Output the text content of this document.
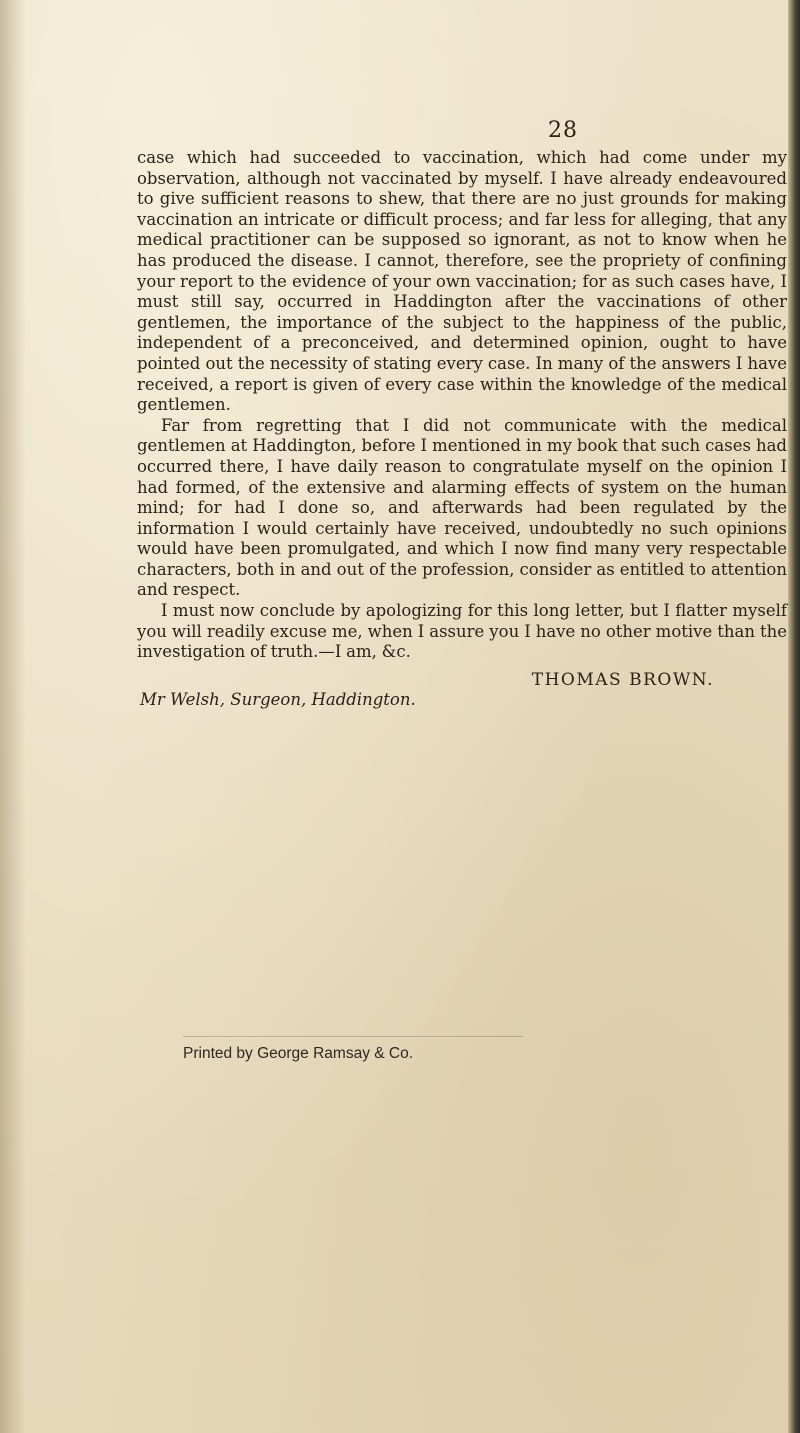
28

case which had succeeded to vaccination, which had come under my observation, although not vaccinated by myself. I have already endeavoured to give sufficient reasons to shew, that there are no just grounds for making vaccination an intricate or difficult process; and far less for alleging, that any medical practitioner can be supposed so ignorant, as not to know when he has produced the disease. I cannot, therefore, see the propriety of confining your report to the evidence of your own vaccination; for as such cases have, I must still say, occurred in Haddington after the vaccinations of other gentlemen, the importance of the subject to the happiness of the public, independent of a preconceived, and determined opinion, ought to have pointed out the necessity of stating every case. In many of the answers I have received, a report is given of every case within the knowledge of the medical gentlemen.

Far from regretting that I did not communicate with the medical gentlemen at Haddington, before I mentioned in my book that such cases had occurred there, I have daily reason to congratulate myself on the opinion I had formed, of the extensive and alarming effects of system on the human mind; for had I done so, and afterwards had been regulated by the information I would certainly have received, undoubtedly no such opinions would have been promulgated, and which I now find many very respectable characters, both in and out of the profession, consider as entitled to attention and respect.

I must now conclude by apologizing for this long letter, but I flatter myself you will readily excuse me, when I assure you I have no other motive than the investigation of truth.—I am, &c.

THOMAS BROWN.
Mr Welsh, Surgeon, Haddington.
Printed by George Ramsay & Co.
